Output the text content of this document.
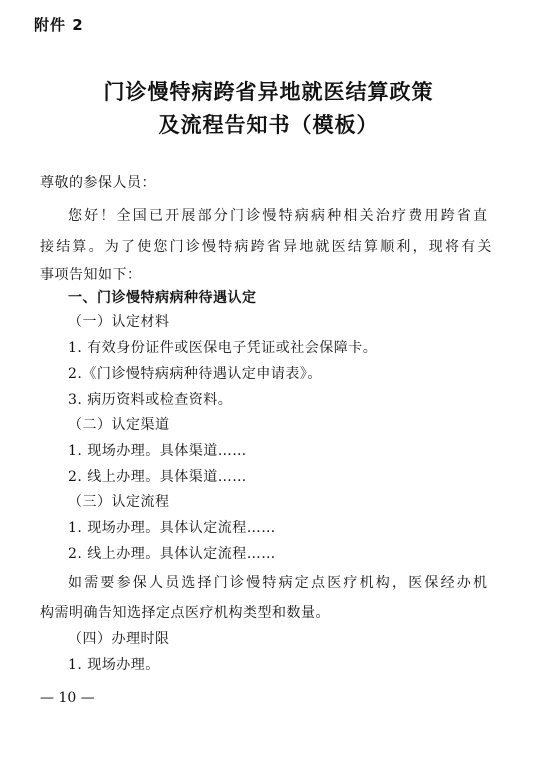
附件 2
门诊慢特病跨省异地就医结算政策
及流程告知书（模板）
尊敬的参保人员：
您好！全国已开展部分门诊慢特病病种相关治疗费用跨省直
接结算。为了使您门诊慢特病跨省异地就医结算顺利，现将有关
事项告知如下：
一、门诊慢特病病种待遇认定
（一）认定材料
1. 有效身份证件或医保电子凭证或社会保障卡。
2.《门诊慢特病病种待遇认定申请表》。
3. 病历资料或检查资料。
（二）认定渠道
1. 现场办理。具体渠道……
2. 线上办理。具体渠道……
（三）认定流程
1. 现场办理。具体认定流程……
2. 线上办理。具体认定流程……
如需要参保人员选择门诊慢特病定点医疗机构，医保经办机
构需明确告知选择定点医疗机构类型和数量。
（四）办理时限
1. 现场办理。
— 10 —
